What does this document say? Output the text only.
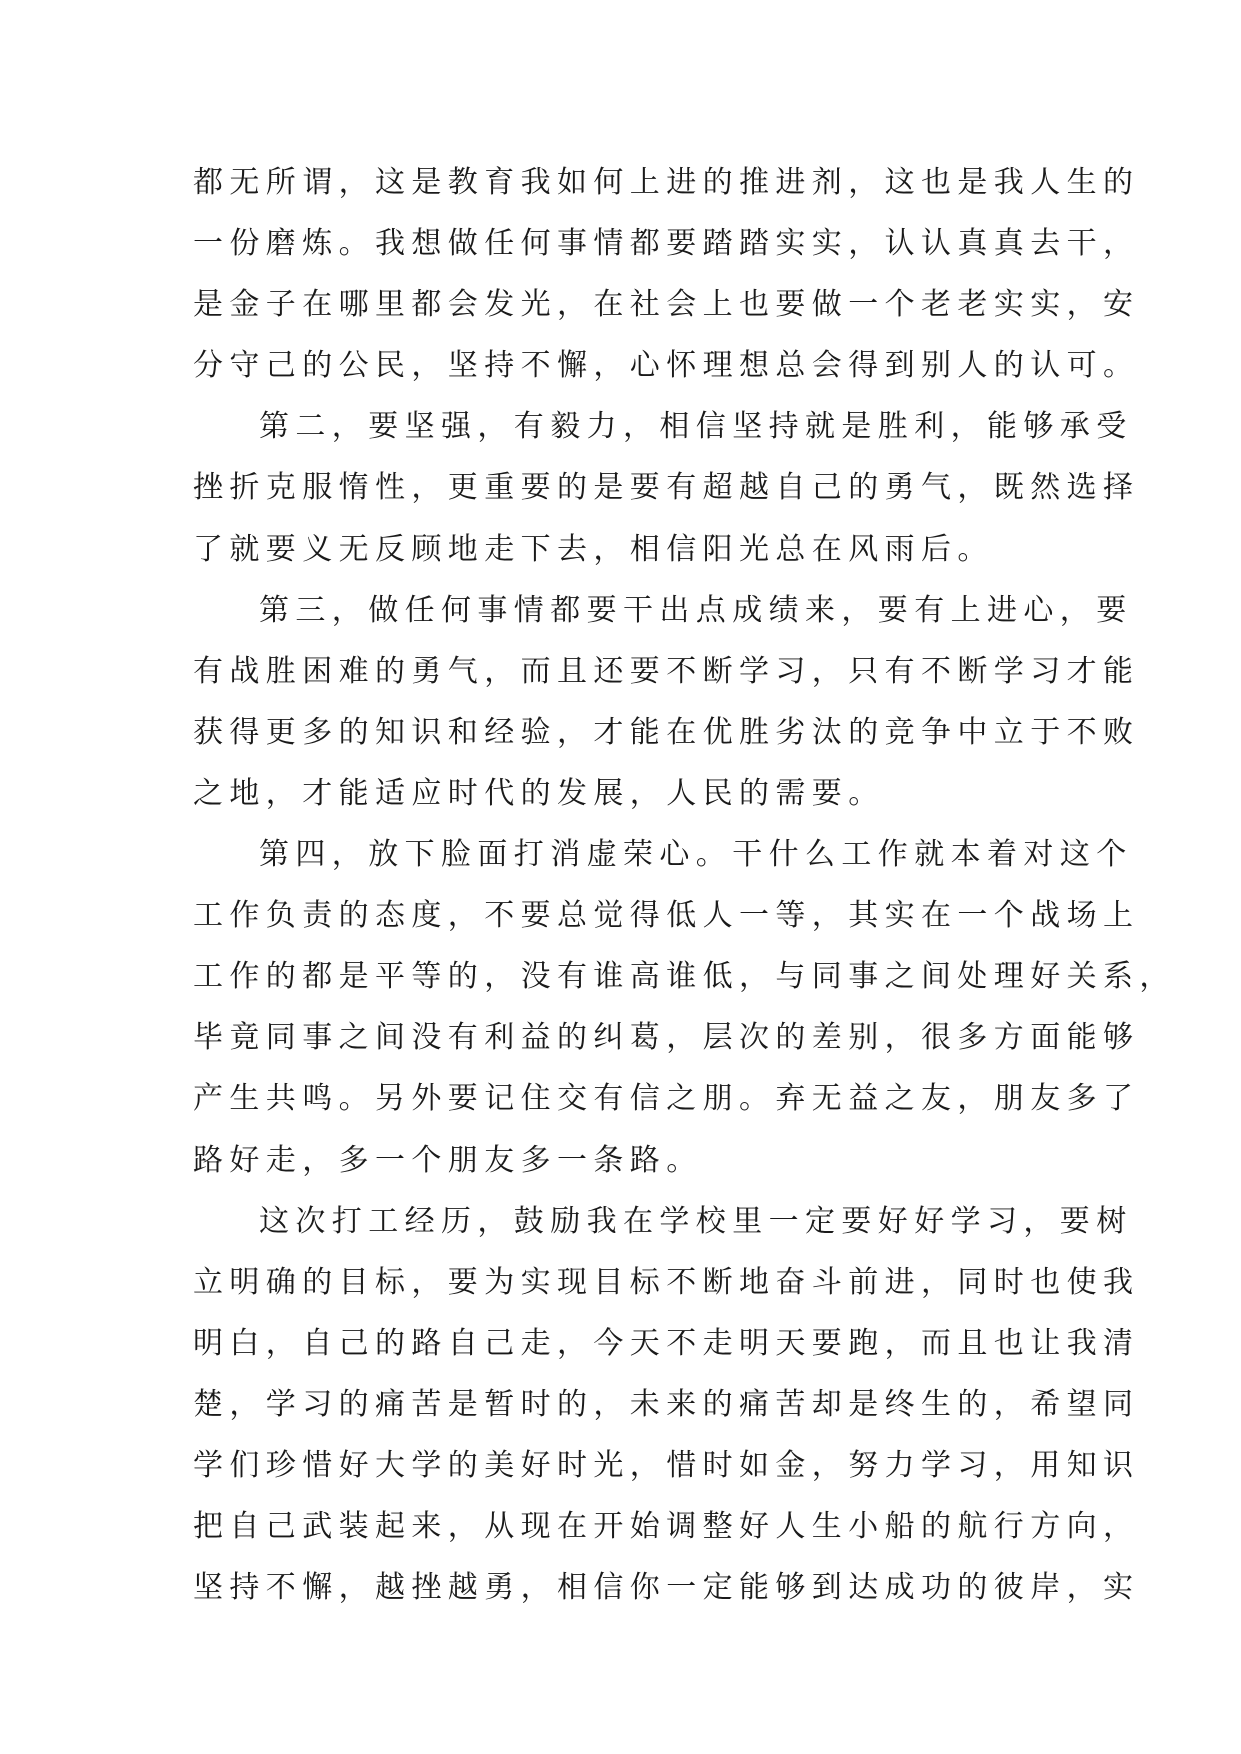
都无所谓，这是教育我如何上进的推进剂，这也是我人生的
一份磨炼。我想做任何事情都要踏踏实实，认认真真去干，
是金子在哪里都会发光，在社会上也要做一个老老实实，安
分守己的公民，坚持不懈，心怀理想总会得到别人的认可。
第二，要坚强，有毅力，相信坚持就是胜利，能够承受
挫折克服惰性，更重要的是要有超越自己的勇气，既然选择
了就要义无反顾地走下去，相信阳光总在风雨后。
第三，做任何事情都要干出点成绩来，要有上进心，要
有战胜困难的勇气，而且还要不断学习，只有不断学习才能
获得更多的知识和经验，才能在优胜劣汰的竞争中立于不败
之地，才能适应时代的发展，人民的需要。
第四，放下脸面打消虚荣心。干什么工作就本着对这个
工作负责的态度，不要总觉得低人一等，其实在一个战场上
工作的都是平等的，没有谁高谁低，与同事之间处理好关系，
毕竟同事之间没有利益的纠葛，层次的差别，很多方面能够
产生共鸣。另外要记住交有信之朋。弃无益之友，朋友多了
路好走，多一个朋友多一条路。
这次打工经历，鼓励我在学校里一定要好好学习，要树
立明确的目标，要为实现目标不断地奋斗前进，同时也使我
明白，自己的路自己走，今天不走明天要跑，而且也让我清
楚，学习的痛苦是暂时的，未来的痛苦却是终生的，希望同
学们珍惜好大学的美好时光，惜时如金，努力学习，用知识
把自己武装起来，从现在开始调整好人生小船的航行方向，
坚持不懈，越挫越勇，相信你一定能够到达成功的彼岸，实
